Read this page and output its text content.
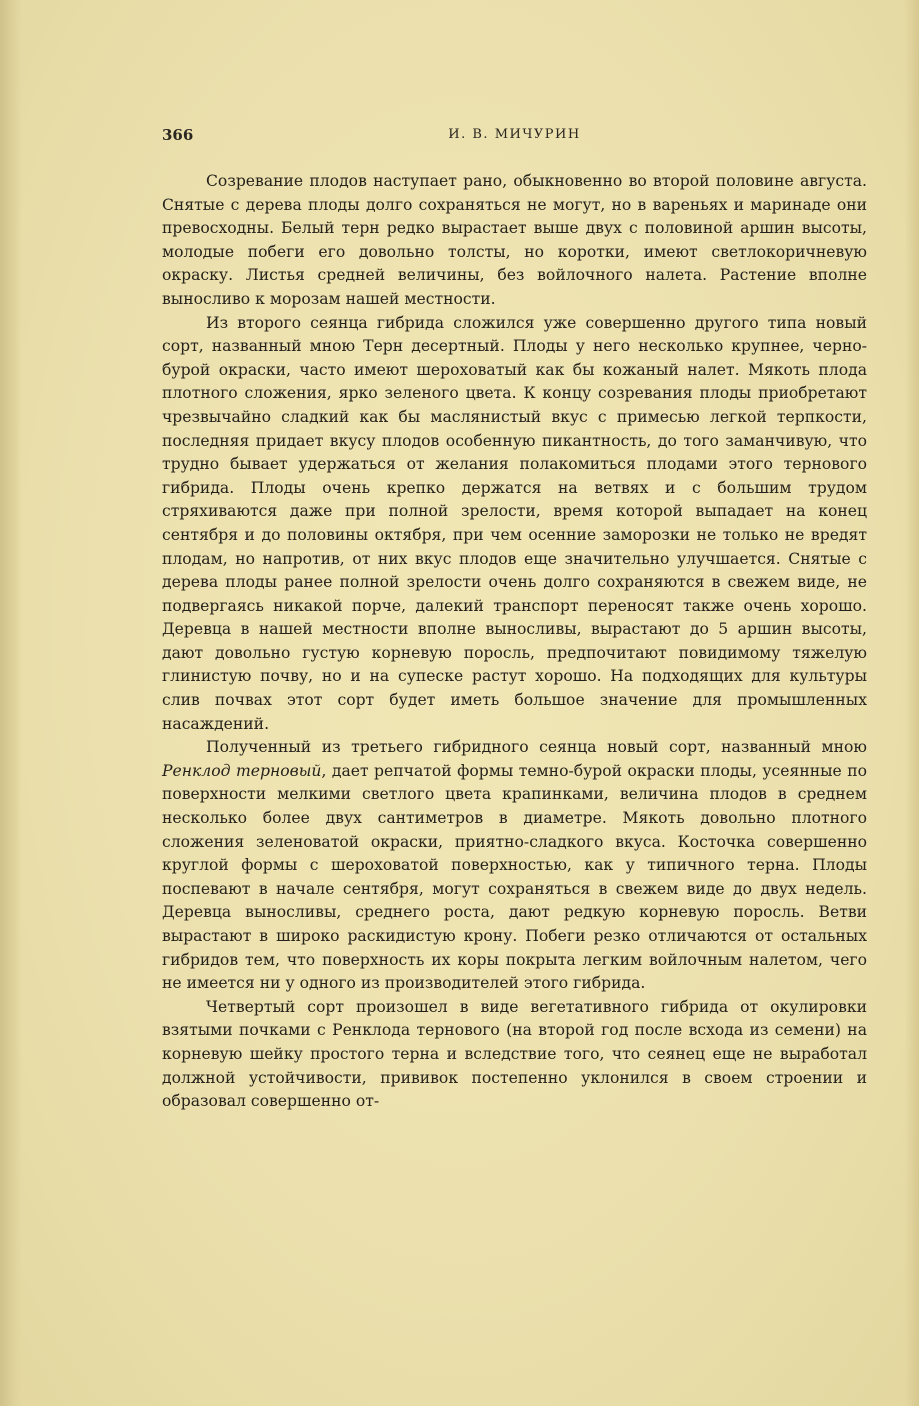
366	И. В. МИЧУРИН

Созревание плодов наступает рано, обыкновенно во второй половине августа. Снятые с дерева плоды долго сохраняться не могут, но в вареньях и маринаде они превосходны. Белый терн редко вырастает выше двух с половиной аршин высоты, молодые побеги его довольно толсты, но коротки, имеют светлокоричневую окраску. Листья средней величины, без войлочного налета. Растение вполне выносливо к морозам нашей местности.

Из второго сеянца гибрида сложился уже совершенно другого типа новый сорт, названный мною Терн десертный. Плоды у него несколько крупнее, черно-бурой окраски, часто имеют шероховатый как бы кожаный налет. Мякоть плода плотного сложения, ярко зеленого цвета. К концу созревания плоды приобретают чрезвычайно сладкий как бы маслянистый вкус с примесью легкой терпкости, последняя придает вкусу плодов особенную пикантность, до того заманчивую, что трудно бывает удержаться от желания полакомиться плодами этого тернового гибрида. Плоды очень крепко держатся на ветвях и с большим трудом стряхиваются даже при полной зрелости, время которой выпадает на конец сентября и до половины октября, при чем осенние заморозки не только не вредят плодам, но напротив, от них вкус плодов еще значительно улучшается. Снятые с дерева плоды ранее полной зрелости очень долго сохраняются в свежем виде, не подвергаясь никакой порче, далекий транспорт переносят также очень хорошо. Деревца в нашей местности вполне выносливы, вырастают до 5 аршин высоты, дают довольно густую корневую поросль, предпочитают повидимому тяжелую глинистую почву, но и на супеске растут хорошо. На подходящих для культуры слив почвах этот сорт будет иметь большое значение для промышленных насаждений.

Полученный из третьего гибридного сеянца новый сорт, названный мною Ренклод терновый, дает репчатой формы темно-бурой окраски плоды, усеянные по поверхности мелкими светлого цвета крапинками, величина плодов в среднем несколько более двух сантиметров в диаметре. Мякоть довольно плотного сложения зеленоватой окраски, приятно-сладкого вкуса. Косточка совершенно круглой формы с шероховатой поверхностью, как у типичного терна. Плоды поспевают в начале сентября, могут сохраняться в свежем виде до двух недель. Деревца выносливы, среднего роста, дают редкую корневую поросль. Ветви вырастают в широко раскидистую крону. Побеги резко отличаются от остальных гибридов тем, что поверхность их коры покрыта легким войлочным налетом, чего не имеется ни у одного из производителей этого гибрида.

Четвертый сорт произошел в виде вегетативного гибрида от окулировки взятыми почками с Ренклода тернового (на второй год после всхода из семени) на корневую шейку простого терна и вследствие того, что сеянец еще не выработал должной устойчивости, прививок постепенно уклонился в своем строении и образовал совершенно от-
